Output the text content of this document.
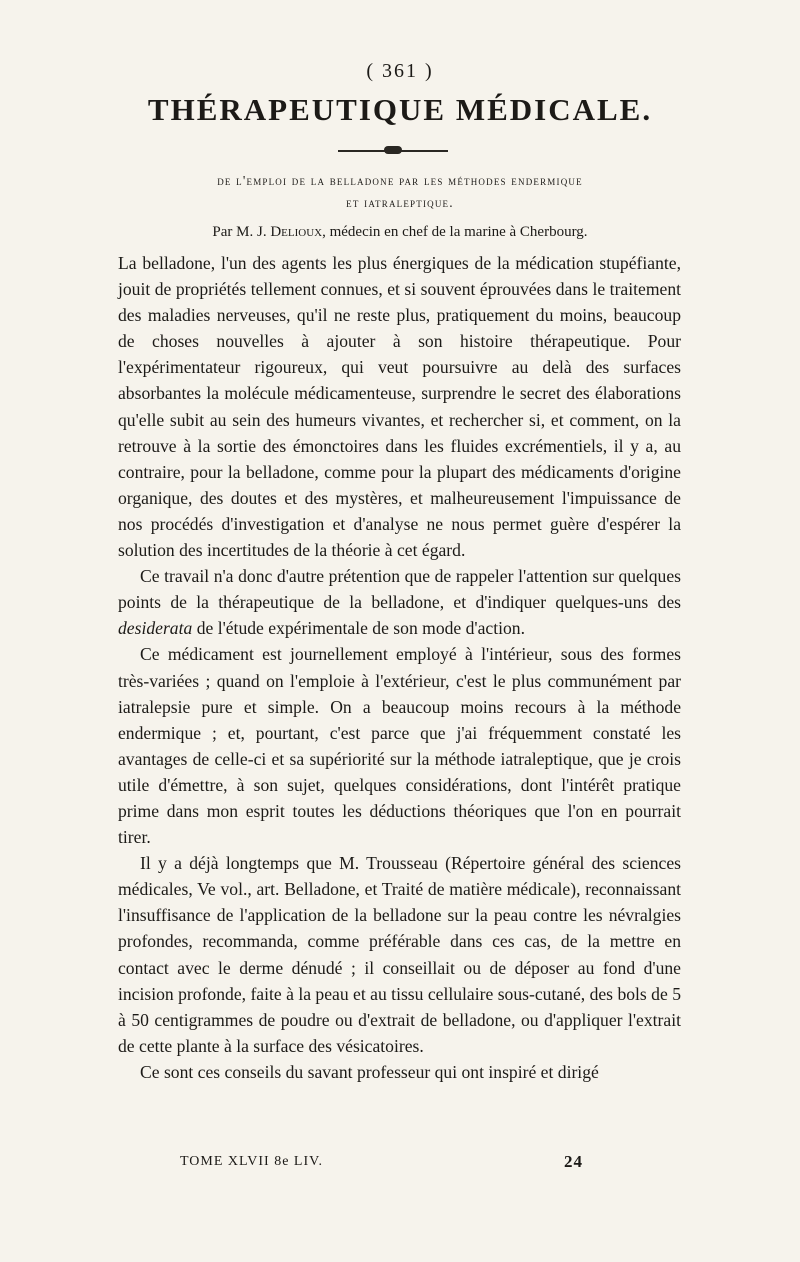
( 361 )
THÉRAPEUTIQUE MÉDICALE.
de l'emploi de la belladone par les méthodes endermique
et iatraleptique.
Par M. J. Delioux, médecin en chef de la marine à Cherbourg.

La belladone, l'un des agents les plus énergiques de la médication stupéfiante, jouit de propriétés tellement connues, et si souvent éprouvées dans le traitement des maladies nerveuses, qu'il ne reste plus, pratiquement du moins, beaucoup de choses nouvelles à ajouter à son histoire thérapeutique. Pour l'expérimentateur rigoureux, qui veut poursuivre au delà des surfaces absorbantes la molécule médicamenteuse, surprendre le secret des élaborations qu'elle subit au sein des humeurs vivantes, et rechercher si, et comment, on la retrouve à la sortie des émonctoires dans les fluides excrémentiels, il y a, au contraire, pour la belladone, comme pour la plupart des médicaments d'origine organique, des doutes et des mystères, et malheureusement l'impuissance de nos procédés d'investigation et d'analyse ne nous permet guère d'espérer la solution des incertitudes de la théorie à cet égard.

Ce travail n'a donc d'autre prétention que de rappeler l'attention sur quelques points de la thérapeutique de la belladone, et d'indiquer quelques-uns des desiderata de l'étude expérimentale de son mode d'action.

Ce médicament est journellement employé à l'intérieur, sous des formes très-variées ; quand on l'emploie à l'extérieur, c'est le plus communément par iatralepsie pure et simple. On a beaucoup moins recours à la méthode endermique ; et, pourtant, c'est parce que j'ai fréquemment constaté les avantages de celle-ci et sa supériorité sur la méthode iatraleptique, que je crois utile d'émettre, à son sujet, quelques considérations, dont l'intérêt pratique prime dans mon esprit toutes les déductions théoriques que l'on en pourrait tirer.

Il y a déjà longtemps que M. Trousseau (Répertoire général des sciences médicales, Ve vol., art. Belladone, et Traité de matière médicale), reconnaissant l'insuffisance de l'application de la belladone sur la peau contre les névralgies profondes, recommanda, comme préférable dans ces cas, de la mettre en contact avec le derme dénudé ; il conseillait ou de déposer au fond d'une incision profonde, faite à la peau et au tissu cellulaire sous-cutané, des bols de 5 à 50 centigrammes de poudre ou d'extrait de belladone, ou d'appliquer l'extrait de cette plante à la surface des vésicatoires.

Ce sont ces conseils du savant professeur qui ont inspiré et dirigé

TOME XLVII 8e LIV.	24
